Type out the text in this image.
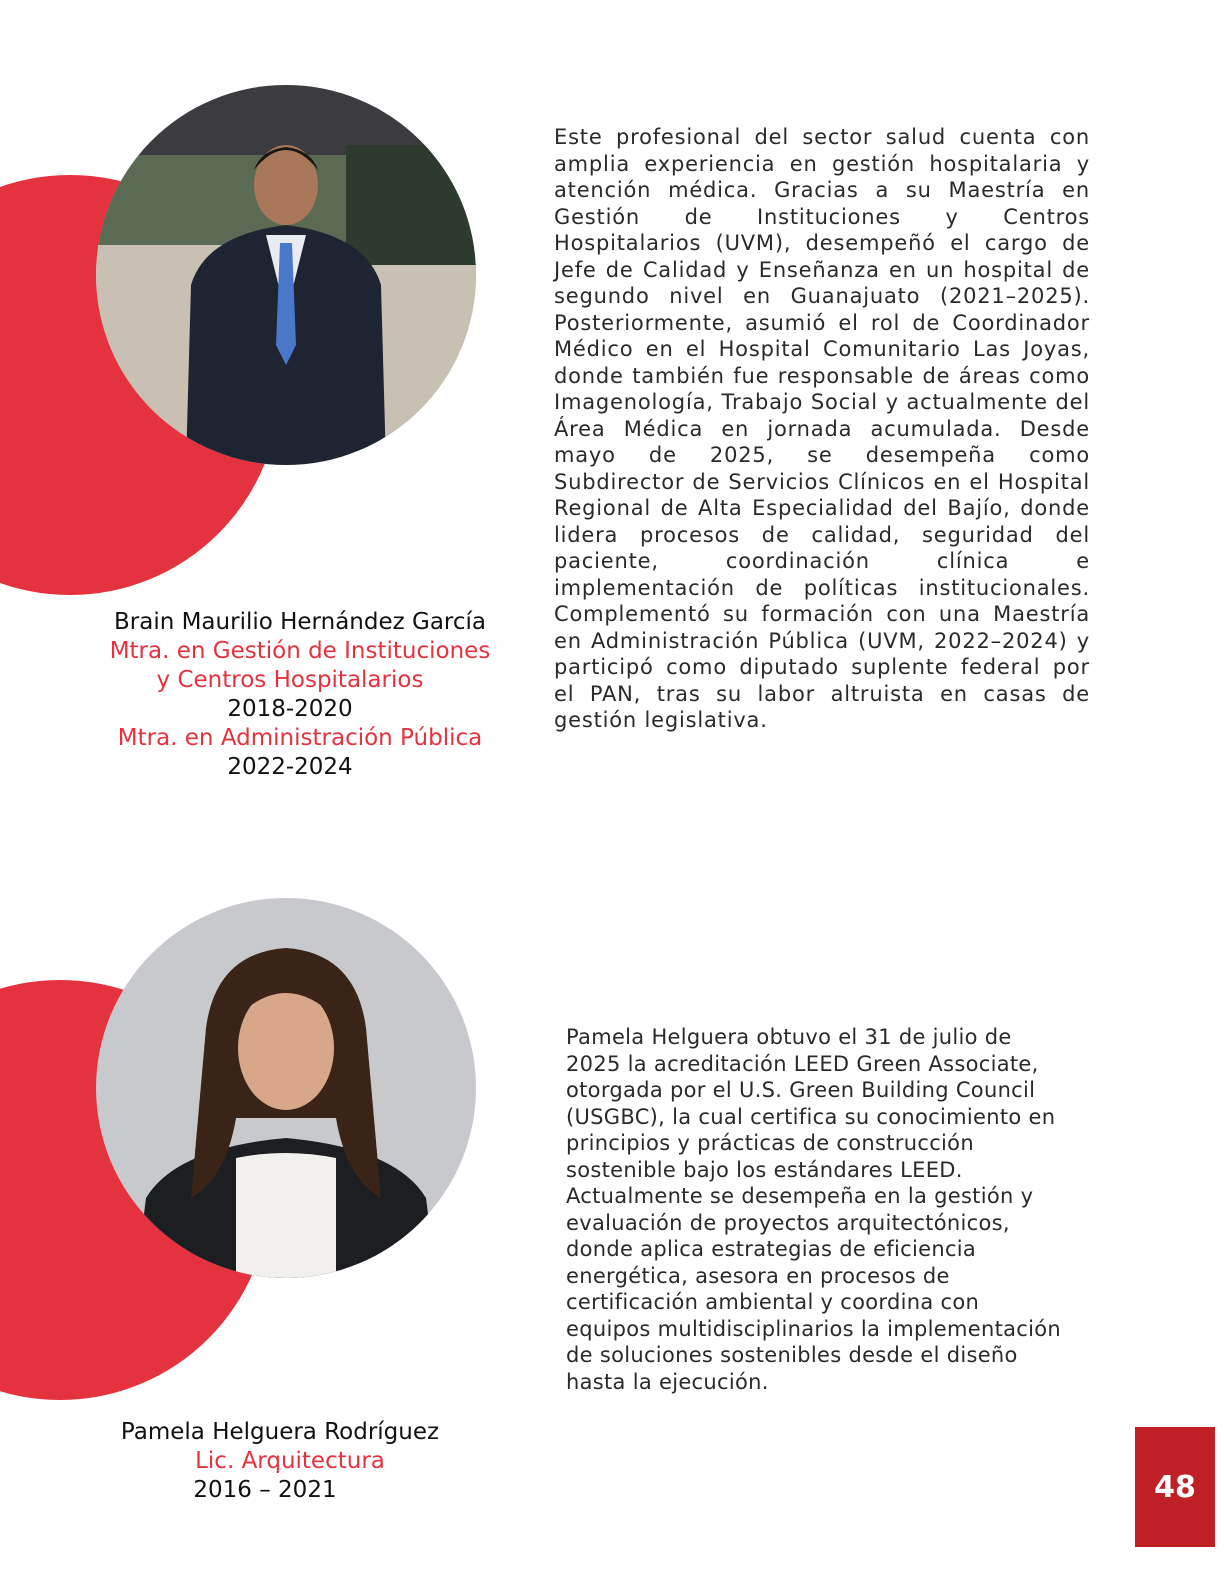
Brain Maurilio Hernández García
Mtra. en Gestión de Instituciones
y Centros Hospitalarios
2018-2020
Mtra. en Administración Pública
2022-2024
Este profesional del sector salud cuenta con amplia experiencia en gestión hospitalaria y atención médica. Gracias a su Maestría en Gestión de Instituciones y Centros Hospitalarios (UVM), desempeñó el cargo de Jefe de Calidad y Enseñanza en un hospital de segundo nivel en Guanajuato (2021–2025). Posteriormente, asumió el rol de Coordinador Médico en el Hospital Comunitario Las Joyas, donde también fue responsable de áreas como Imagenología, Trabajo Social y actualmente del Área Médica en jornada acumulada. Desde mayo de 2025, se desempeña como Subdirector de Servicios Clínicos en el Hospital Regional de Alta Especialidad del Bajío, donde lidera procesos de calidad, seguridad del paciente, coordinación clínica e implementación de políticas institucionales. Complementó su formación con una Maestría en Administración Pública (UVM, 2022–2024) y participó como diputado suplente federal por el PAN, tras su labor altruista en casas de gestión legislativa.
Pamela Helguera Rodríguez
Lic. Arquitectura
2016 – 2021
Pamela Helguera obtuvo el 31 de julio de 2025 la acreditación LEED Green Associate, otorgada por el U.S. Green Building Council (USGBC), la cual certifica su conocimiento en principios y prácticas de construcción sostenible bajo los estándares LEED. Actualmente se desempeña en la gestión y evaluación de proyectos arquitectónicos, donde aplica estrategias de eficiencia energética, asesora en procesos de certificación ambiental y coordina con equipos multidisciplinarios la implementación de soluciones sostenibles desde el diseño hasta la ejecución.
48
